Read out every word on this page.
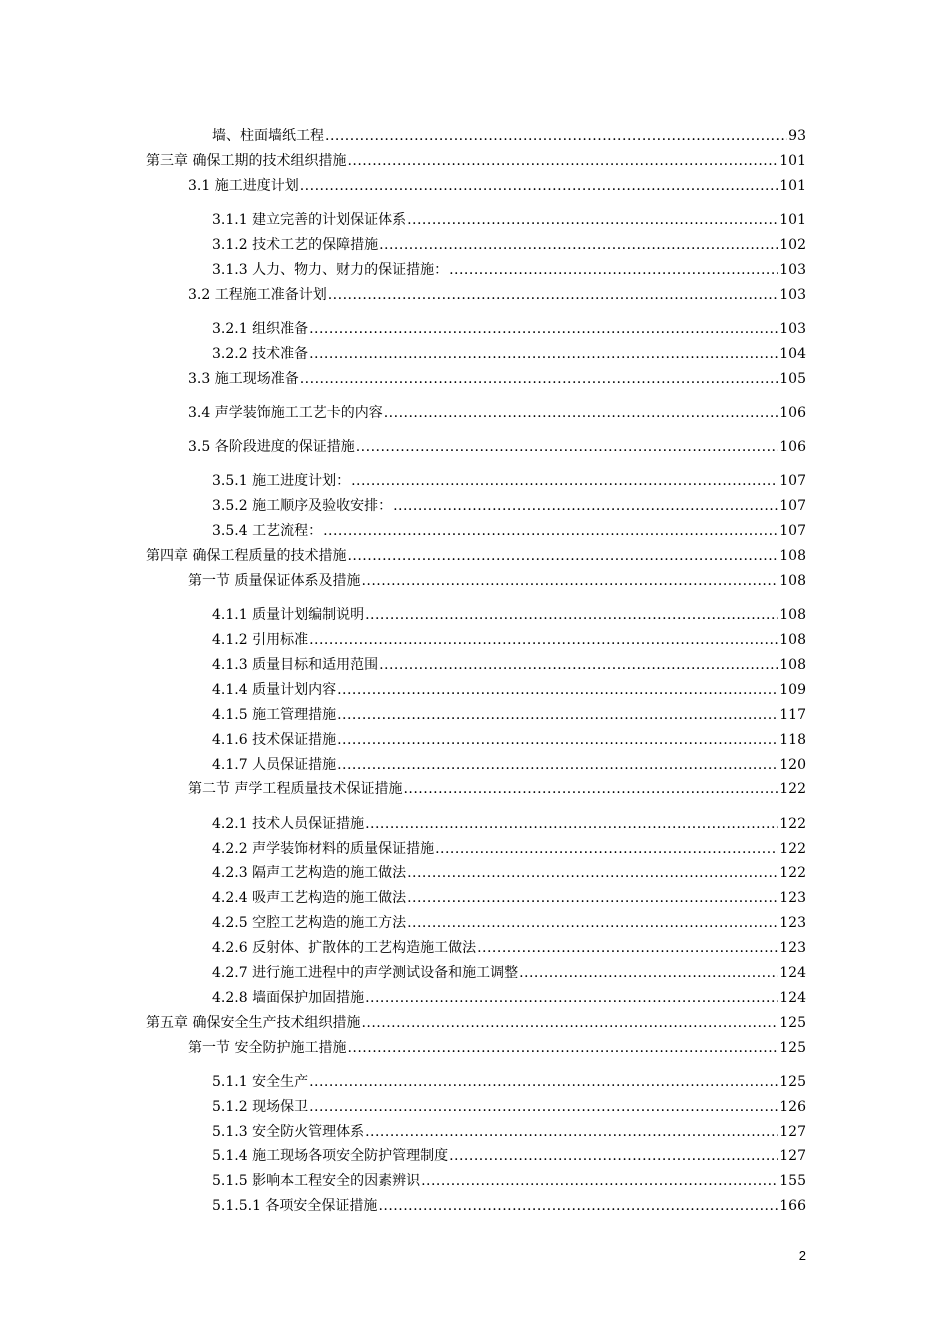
墙、柱面墙纸工程 .....	93
第三章 确保工期的技术组织措施 .....	101
3.1 施工进度计划 .....	101
3.1.1 建立完善的计划保证体系 .....	101
3.1.2 技术工艺的保障措施 .....	102
3.1.3 人力、物力、财力的保证措施： .....	103
3.2 工程施工准备计划 .....	103
3.2.1 组织准备 .....	103
3.2.2 技术准备 .....	104
3.3 施工现场准备 .....	105
3.4 声学装饰施工工艺卡的内容 .....	106
3.5 各阶段进度的保证措施 .....	106
3.5.1 施工进度计划： .....	107
3.5.2 施工顺序及验收安排： .....	107
3.5.4 工艺流程： .....	107
第四章 确保工程质量的技术措施 .....	108
第一节 质量保证体系及措施 .....	108
4.1.1 质量计划编制说明 .....	108
4.1.2 引用标准 .....	108
4.1.3 质量目标和适用范围 .....	108
4.1.4 质量计划内容 .....	109
4.1.5 施工管理措施 .....	117
4.1.6 技术保证措施 .....	118
4.1.7 人员保证措施 .....	120
第二节 声学工程质量技术保证措施 .....	122
4.2.1 技术人员保证措施 .....	122
4.2.2 声学装饰材料的质量保证措施 .....	122
4.2.3 隔声工艺构造的施工做法 .....	122
4.2.4 吸声工艺构造的施工做法 .....	123
4.2.5 空腔工艺构造的施工方法 .....	123
4.2.6 反射体、扩散体的工艺构造施工做法 .....	123
4.2.7 进行施工进程中的声学测试设备和施工调整 .....	124
4.2.8 墙面保护加固措施 .....	124
第五章 确保安全生产技术组织措施 .....	125
第一节 安全防护施工措施 .....	125
5.1.1 安全生产 .....	125
5.1.2 现场保卫 .....	126
5.1.3 安全防火管理体系 .....	127
5.1.4 施工现场各项安全防护管理制度 .....	127
5.1.5 影响本工程安全的因素辨识 .....	155
5.1.5.1 各项安全保证措施 .....	166
2
